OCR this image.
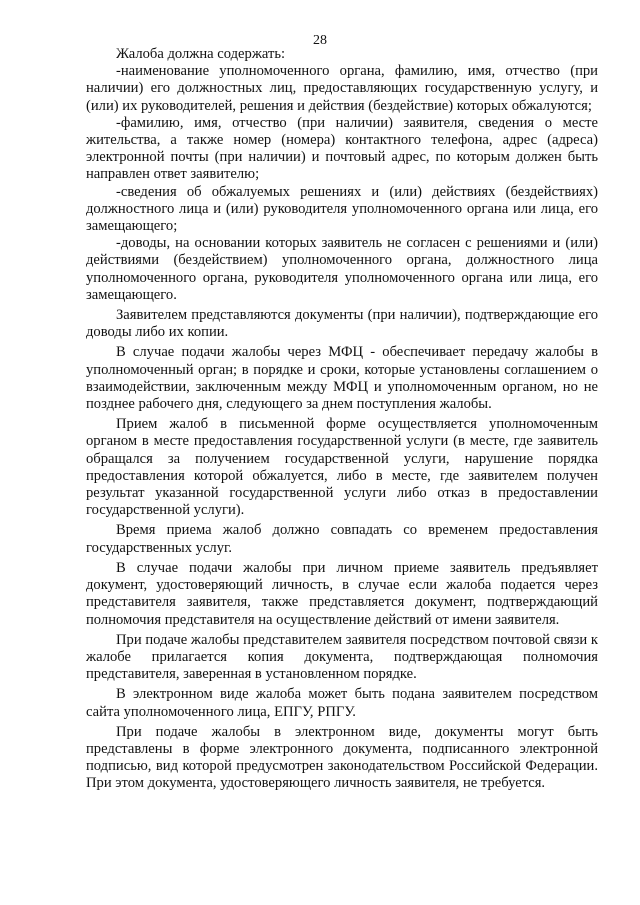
28

Жалоба должна содержать:

-наименование уполномоченного органа, фамилию, имя, отчество (при наличии) его должностных лиц, предоставляющих государственную услугу, и (или) их руководителей, решения и действия (бездействие) которых обжалуются;

-фамилию, имя, отчество (при наличии) заявителя, сведения о месте жительства, а также номер (номера) контактного телефона, адрес (адреса) электронной почты (при наличии) и почтовый адрес, по которым должен быть направлен ответ заявителю;

-сведения об обжалуемых решениях и (или) действиях (бездействиях) должностного лица и (или) руководителя уполномоченного органа или лица, его замещающего;

-доводы, на основании которых заявитель не согласен с решениями и (или) действиями (бездействием) уполномоченного органа, должностного лица уполномоченного органа, руководителя уполномоченного органа или лица, его замещающего.

Заявителем представляются документы (при наличии), подтверждающие его доводы либо их копии.

В случае подачи жалобы через МФЦ - обеспечивает передачу жалобы в уполномоченный орган; в порядке и сроки, которые установлены соглашением о взаимодействии, заключенным между МФЦ и уполномоченным органом, но не позднее рабочего дня, следующего за днем поступления жалобы.

Прием жалоб в письменной форме осуществляется уполномоченным органом в месте предоставления государственной услуги (в месте, где заявитель обращался за получением государственной услуги, нарушение порядка предоставления которой обжалуется, либо в месте, где заявителем получен результат указанной государственной услуги либо отказ в предоставлении государственной услуги).

Время приема жалоб должно совпадать со временем предоставления государственных услуг.

В случае подачи жалобы при личном приеме заявитель предъявляет документ, удостоверяющий личность, в случае если жалоба подается через представителя заявителя, также представляется документ, подтверждающий полномочия представителя на осуществление действий от имени заявителя.

При подаче жалобы представителем заявителя посредством почтовой связи к жалобе прилагается копия документа, подтверждающая полномочия представителя, заверенная в установленном порядке.

В электронном виде жалоба может быть подана заявителем посредством сайта уполномоченного лица, ЕПГУ, РПГУ.

При подаче жалобы в электронном виде, документы могут быть представлены в форме электронного документа, подписанного электронной подписью, вид которой предусмотрен законодательством Российской Федерации. При этом документа, удостоверяющего личность заявителя, не требуется.
